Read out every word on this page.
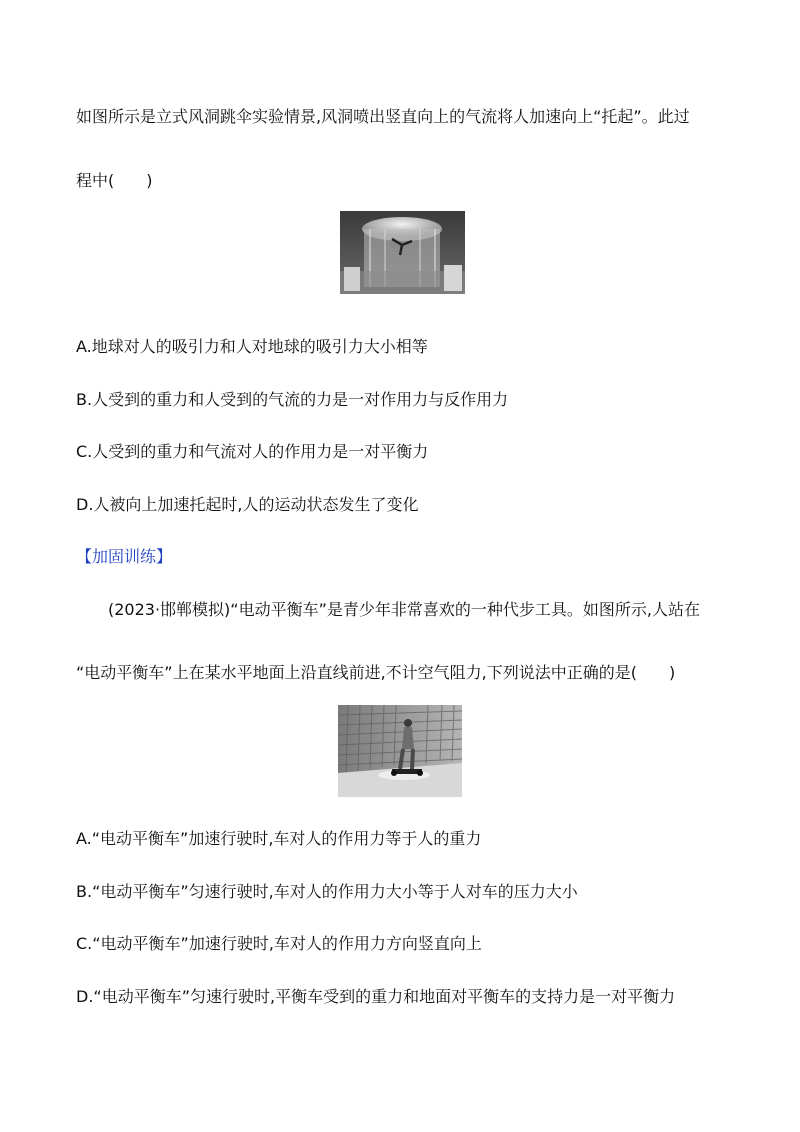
如图所示是立式风洞跳伞实验情景,风洞喷出竖直向上的气流将人加速向上“托起”。此过
程中(　　)
A.地球对人的吸引力和人对地球的吸引力大小相等
B.人受到的重力和人受到的气流的力是一对作用力与反作用力
C.人受到的重力和气流对人的作用力是一对平衡力
D.人被向上加速托起时,人的运动状态发生了变化
【加固训练】
(2023·邯郸模拟)“电动平衡车”是青少年非常喜欢的一种代步工具。如图所示,人站在
“电动平衡车”上在某水平地面上沿直线前进,不计空气阻力,下列说法中正确的是(　　)
A.“电动平衡车”加速行驶时,车对人的作用力等于人的重力
B.“电动平衡车”匀速行驶时,车对人的作用力大小等于人对车的压力大小
C.“电动平衡车”加速行驶时,车对人的作用力方向竖直向上
D.“电动平衡车”匀速行驶时,平衡车受到的重力和地面对平衡车的支持力是一对平衡力
